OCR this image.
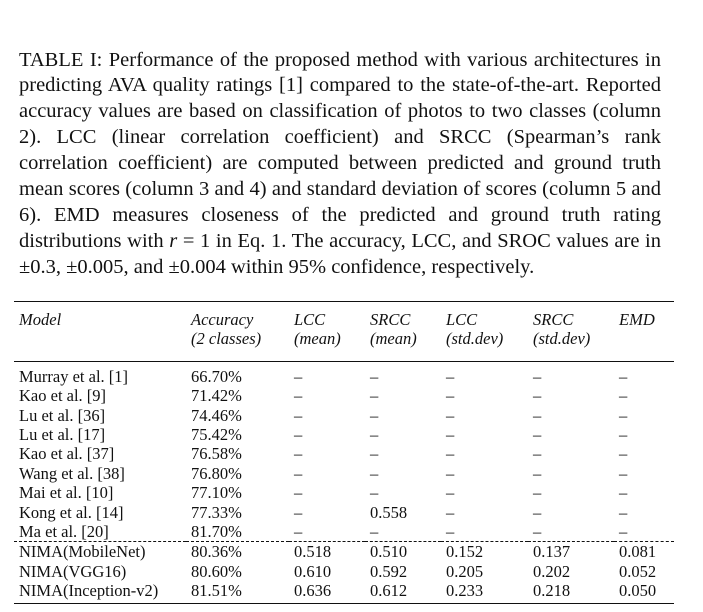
TABLE I: Performance of the proposed method with various architectures in predicting AVA quality ratings [1] compared to the state-of-the-art. Reported accuracy values are based on classification of photos to two classes (column 2). LCC (linear correlation coefficient) and SRCC (Spearman’s rank correlation coefficient) are computed between predicted and ground truth mean scores (column 3 and 4) and standard deviation of scores (column 5 and 6). EMD measures closeness of the predicted and ground truth rating distributions with r = 1 in Eq. 1. The accuracy, LCC, and SROC values are in ±0.3, ±0.005, and ±0.004 within 95% confidence, respectively.

Model	Accuracy	LCC	SRCC	LCC	SRCC	EMD
	(2 classes)	(mean)	(mean)	(std.dev)	(std.dev)	
Murray et al. [1]	66.70%	–	–	–	–	–
Kao et al. [9]	71.42%	–	–	–	–	–
Lu et al. [36]	74.46%	–	–	–	–	–
Lu et al. [17]	75.42%	–	–	–	–	–
Kao et al. [37]	76.58%	–	–	–	–	–
Wang et al. [38]	76.80%	–	–	–	–	–
Mai et al. [10]	77.10%	–	–	–	–	–
Kong et al. [14]	77.33%	–	0.558	–	–	–
Ma et al. [20]	81.70%	–	–	–	–	–
NIMA(MobileNet)	80.36%	0.518	0.510	0.152	0.137	0.081
NIMA(VGG16)	80.60%	0.610	0.592	0.205	0.202	0.052
NIMA(Inception-v2)	81.51%	0.636	0.612	0.233	0.218	0.050
